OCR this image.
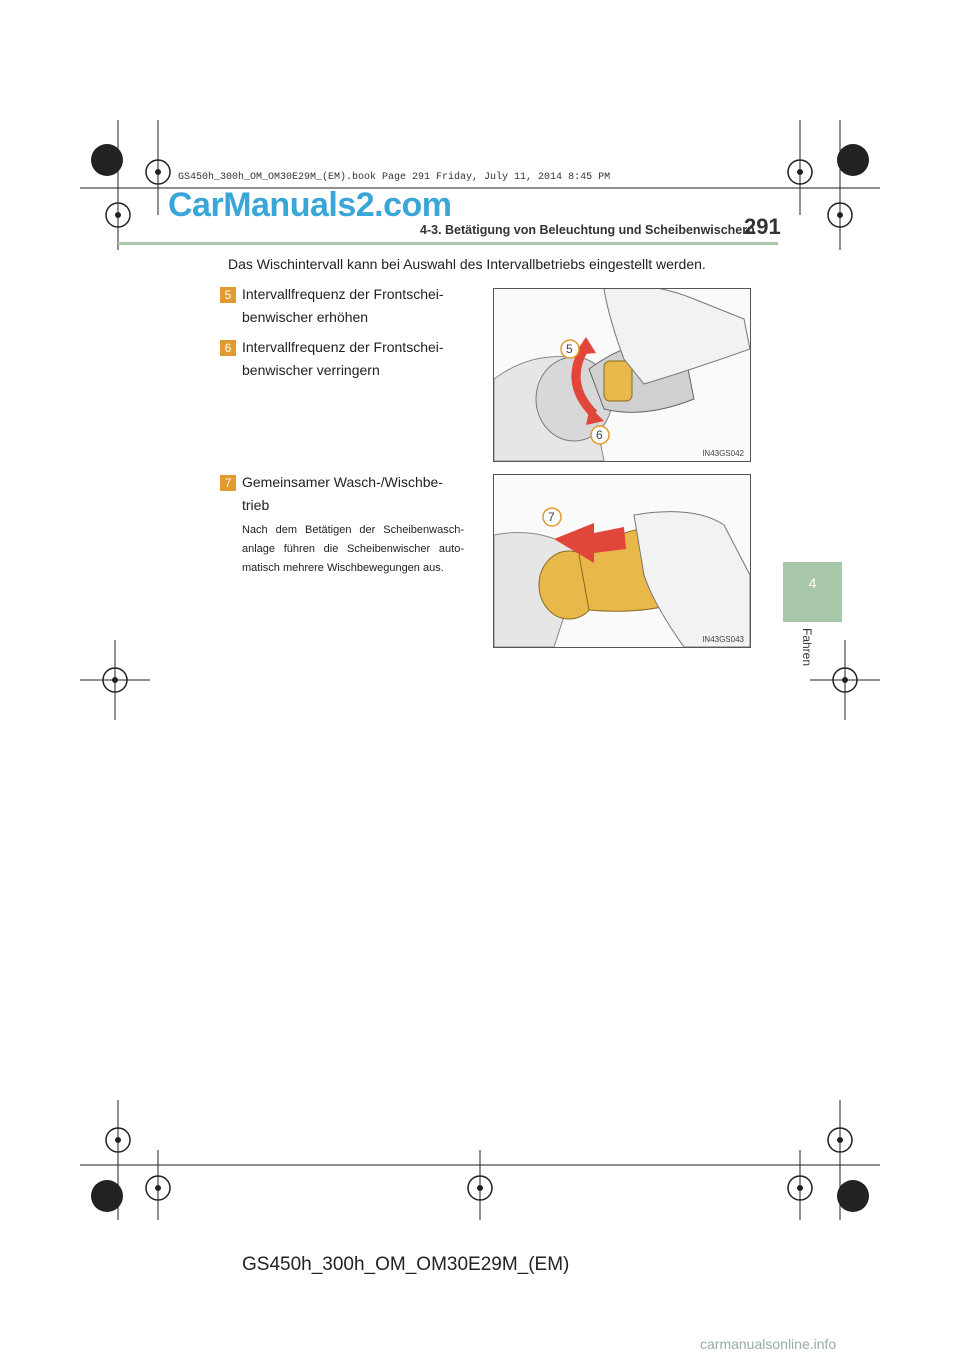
GS450h_300h_OM_OM30E29M_(EM).book Page 291 Friday, July 11, 2014 8:45 PM
CarManuals2.com
4-3. Betätigung von Beleuchtung und Scheibenwischern
291
4
Fahren
Das Wischintervall kann bei Auswahl des Intervallbetriebs eingestellt werden.
5 Intervallfrequenz der Frontschei-
benwischer erhöhen
6 Intervallfrequenz der Frontschei-
benwischer verringern
7 Gemeinsamer Wasch-/Wischbe-
trieb
Nach dem Betätigen der Scheibenwasch-anlage führen die Scheibenwischer auto-matisch mehrere Wischbewegungen aus.
5
6
IN43GS042
7
IN43GS043
GS450h_300h_OM_OM30E29M_(EM)
carmanualsonline.info
